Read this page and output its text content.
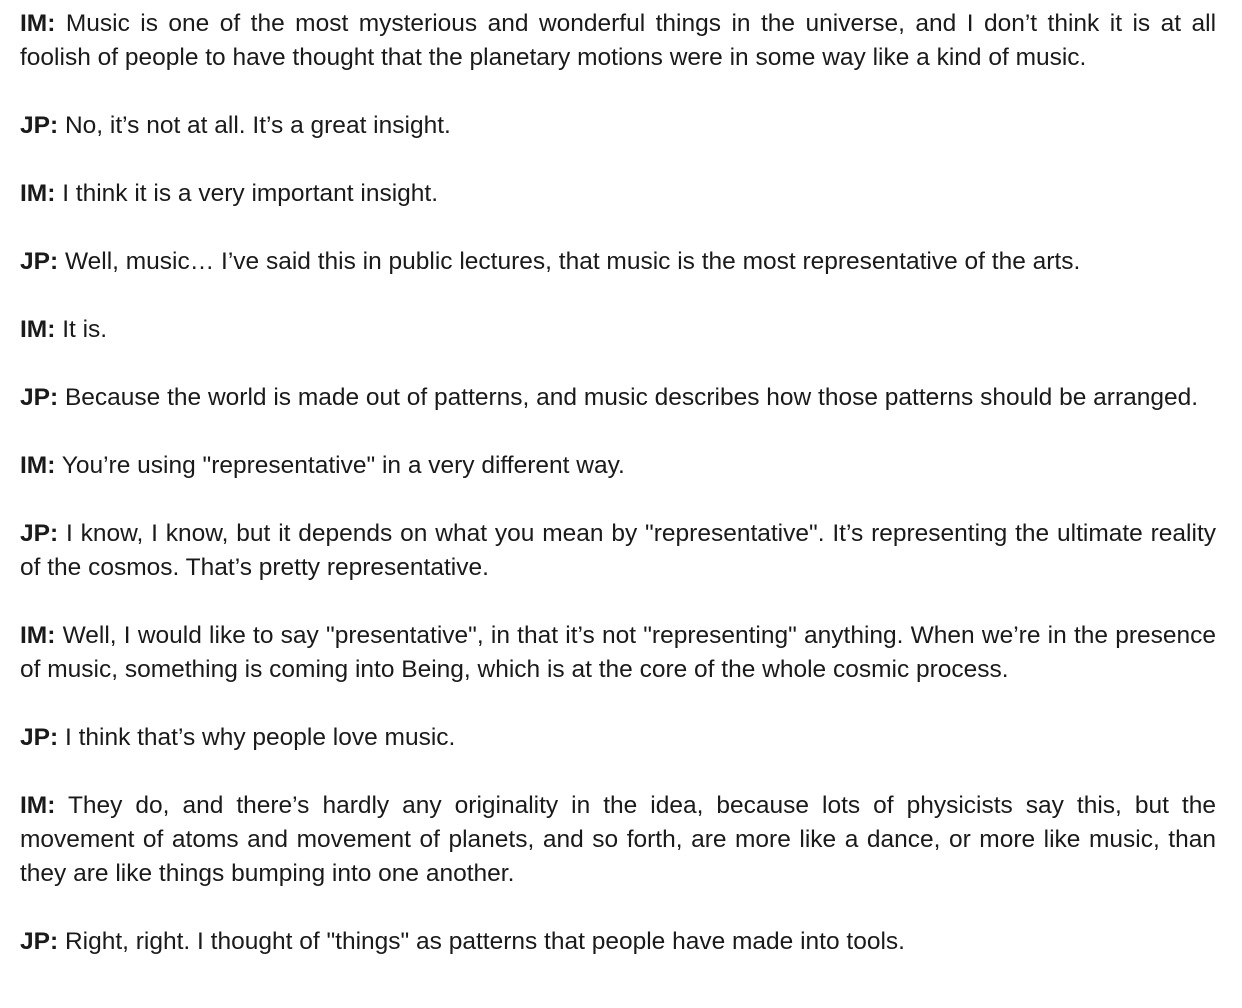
IM: Music is one of the most mysterious and wonderful things in the universe, and I don’t think it is at all foolish of people to have thought that the planetary motions were in some way like a kind of music.

JP: No, it’s not at all. It’s a great insight.

IM: I think it is a very important insight.

JP: Well, music… I’ve said this in public lectures, that music is the most representative of the arts.

IM: It is.

JP: Because the world is made out of patterns, and music describes how those patterns should be arranged.

IM: You’re using "representative" in a very different way.

JP: I know, I know, but it depends on what you mean by "representative". It’s representing the ultimate reality of the cosmos. That’s pretty representative.

IM: Well, I would like to say "presentative", in that it’s not "representing" anything. When we’re in the presence of music, something is coming into Being, which is at the core of the whole cosmic process.

JP: I think that’s why people love music.

IM: They do, and there’s hardly any originality in the idea, because lots of physicists say this, but the movement of atoms and movement of planets, and so forth, are more like a dance, or more like music, than they are like things bumping into one another.

JP: Right, right. I thought of "things" as patterns that people have made into tools.
